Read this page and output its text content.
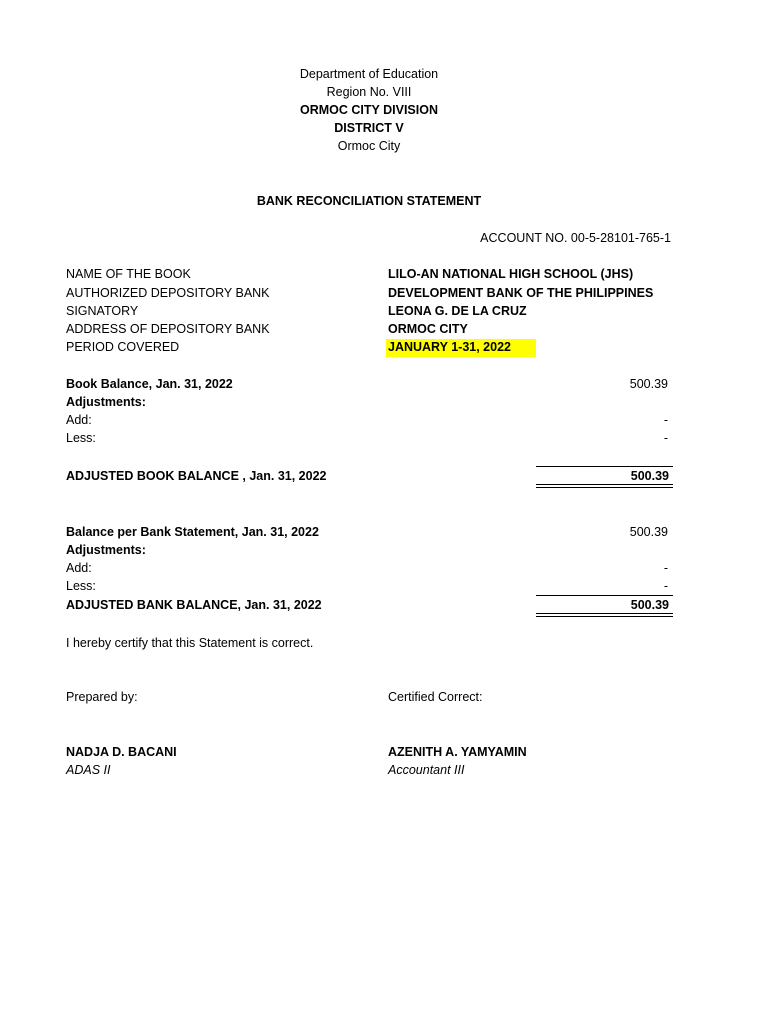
Department of Education
Region No. VIII
ORMOC CITY DIVISION
DISTRICT V
Ormoc City
BANK RECONCILIATION STATEMENT
ACCOUNT NO. 00-5-28101-765-1
NAME OF THE BOOK	LILO-AN NATIONAL HIGH SCHOOL (JHS)
AUTHORIZED DEPOSITORY BANK	DEVELOPMENT BANK OF THE PHILIPPINES
SIGNATORY	LEONA G. DE LA CRUZ
ADDRESS OF DEPOSITORY BANK	ORMOC CITY
PERIOD COVERED	JANUARY 1-31, 2022
Book Balance, Jan. 31, 2022	500.39
Adjustments:
Add:	-
Less:	-
ADJUSTED BOOK BALANCE , Jan. 31, 2022	500.39
Balance per Bank Statement, Jan. 31, 2022	500.39
Adjustments:
Add:	-
Less:	-
ADJUSTED BANK BALANCE, Jan. 31, 2022	500.39
I hereby certify that this Statement is correct.
Prepared by:	Certified Correct:
NADJA D. BACANI	AZENITH A. YAMYAMIN
ADAS II	Accountant III
